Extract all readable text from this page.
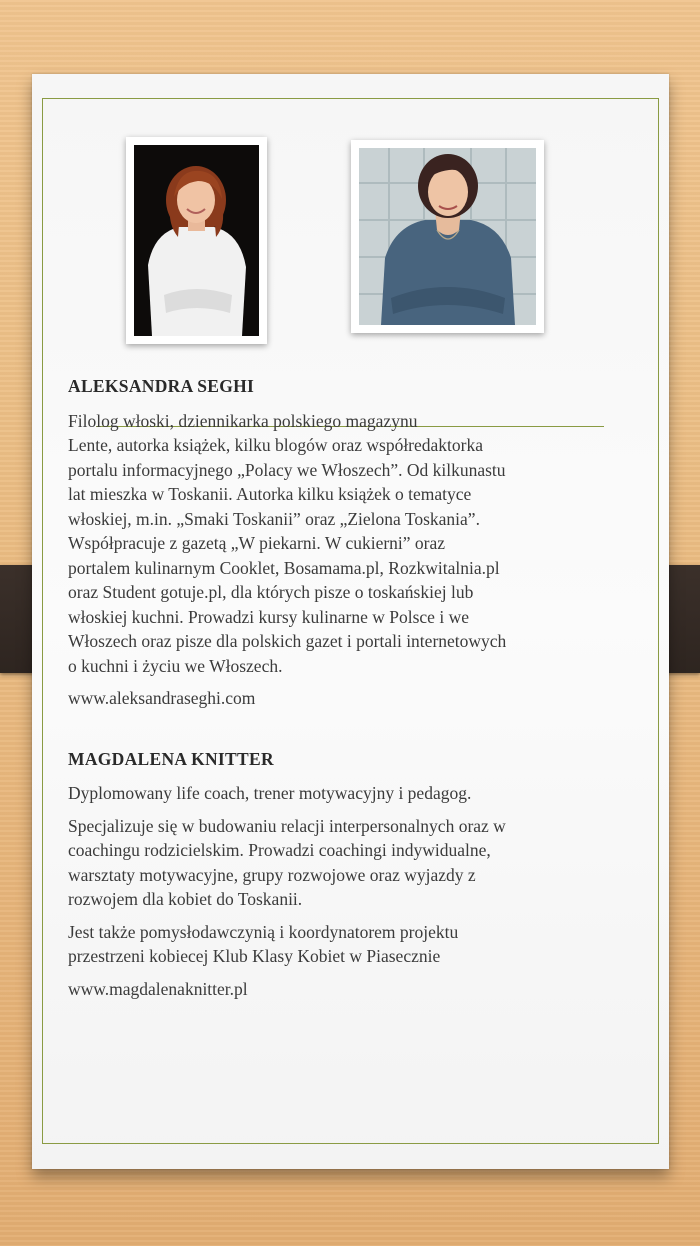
ALEKSANDRA SEGHI

Filolog włoski, dziennikarka polskiego magazynu
Lente, autorka książek, kilku blogów oraz współredaktorka
portalu informacyjnego „Polacy we Włoszech”. Od kilkunastu
lat mieszka w Toskanii. Autorka kilku książek o tematyce
włoskiej, m.in. „Smaki Toskanii” oraz „Zielona Toskania”.
Współpracuje z gazetą „W piekarni. W cukierni” oraz
portalem kulinarnym Cooklet, Bosamama.pl, Rozkwitalnia.pl
oraz Student gotuje.pl, dla których pisze o toskańskiej lub
włoskiej kuchni. Prowadzi kursy kulinarne w Polsce i we
Włoszech oraz pisze dla polskich gazet i portali internetowych
o kuchni i życiu we Włoszech.

www.aleksandraseghi.com

MAGDALENA KNITTER

Dyplomowany life coach, trener motywacyjny i pedagog.

Specjalizuje się w budowaniu relacji interpersonalnych oraz w
coachingu rodzicielskim. Prowadzi coachingi indywidualne,
warsztaty motywacyjne, grupy rozwojowe oraz wyjazdy z
rozwojem dla kobiet do Toskanii.

Jest także pomysłodawczynią i koordynatorem projektu
przestrzeni kobiecej Klub Klasy Kobiet w Piasecznie

www.magdalenaknitter.pl
